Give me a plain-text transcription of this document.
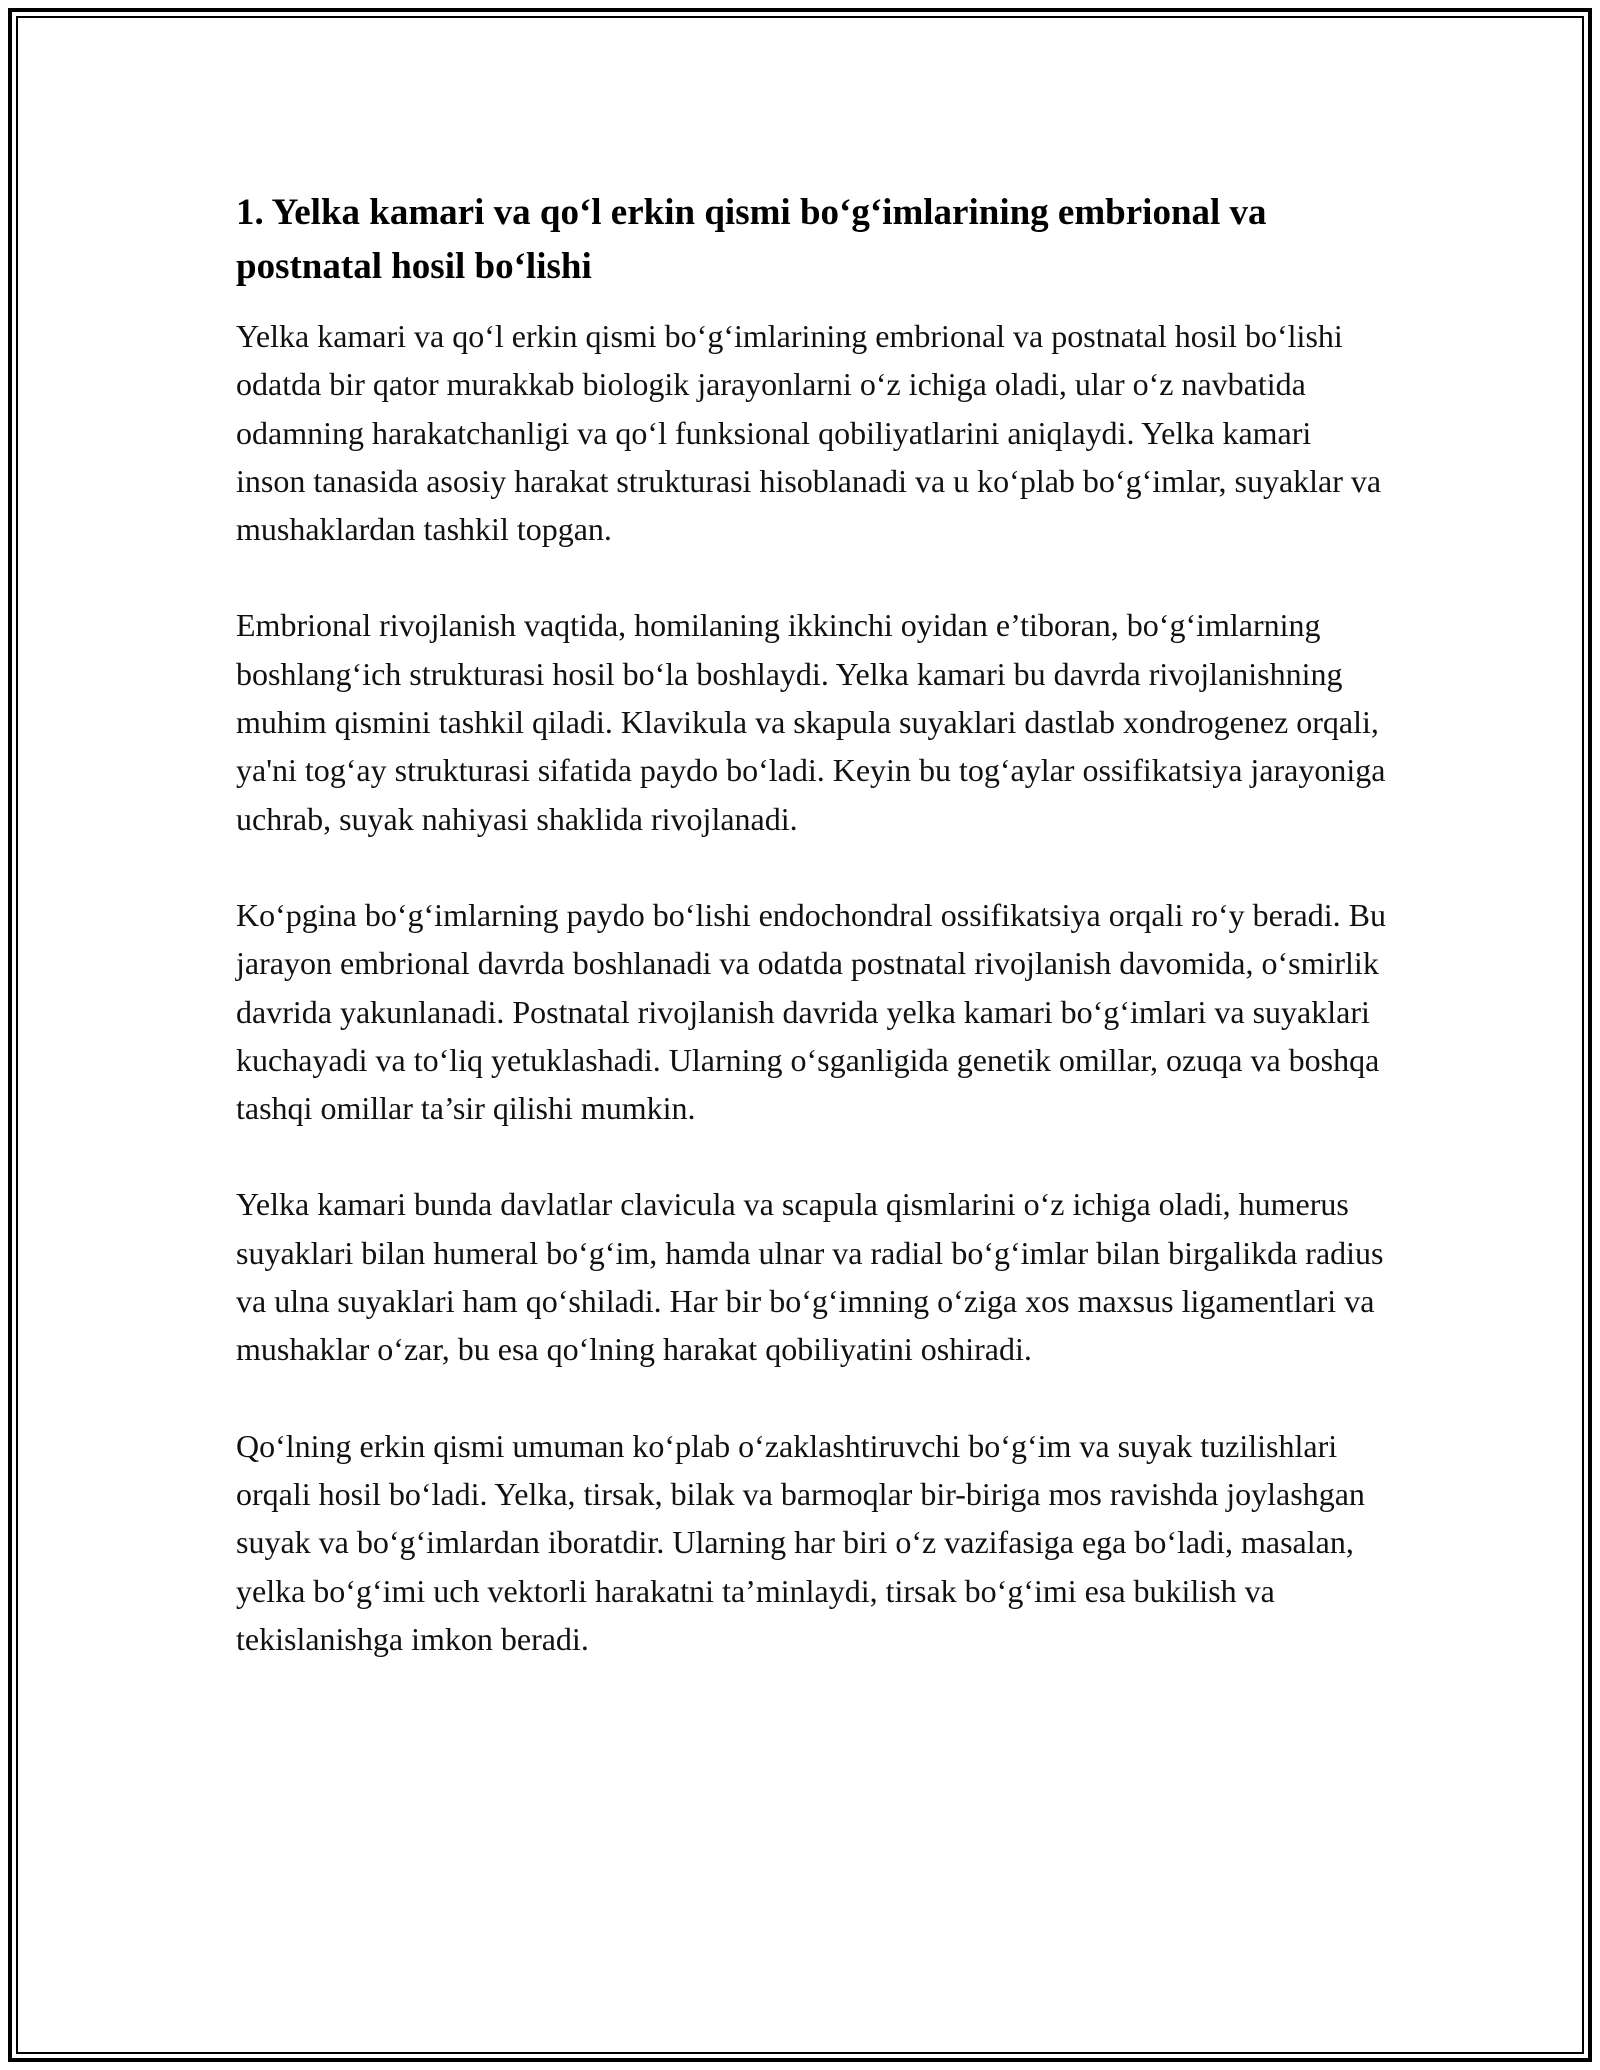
1. Yelka kamari va qo‘l erkin qismi bo‘g‘imlarining embrional va postnatal hosil bo‘lishi

Yelka kamari va qo‘l erkin qismi bo‘g‘imlarining embrional va postnatal hosil bo‘lishi odatda bir qator murakkab biologik jarayonlarni o‘z ichiga oladi, ular o‘z navbatida odamning harakatchanligi va qo‘l funksional qobiliyatlarini aniqlaydi. Yelka kamari inson tanasida asosiy harakat strukturasi hisoblanadi va u ko‘plab bo‘g‘imlar, suyaklar va mushaklardan tashkil topgan.

Embrional rivojlanish vaqtida, homilaning ikkinchi oyidan e’tiboran, bo‘g‘imlarning boshlang‘ich strukturasi hosil bo‘la boshlaydi. Yelka kamari bu davrda rivojlanishning muhim qismini tashkil qiladi. Klavikula va skapula suyaklari dastlab xondrogenez orqali, ya'ni tog‘ay strukturasi sifatida paydo bo‘ladi. Keyin bu tog‘aylar ossifikatsiya jarayoniga uchrab, suyak nahiyasi shaklida rivojlanadi.

Ko‘pgina bo‘g‘imlarning paydo bo‘lishi endochondral ossifikatsiya orqali ro‘y beradi. Bu jarayon embrional davrda boshlanadi va odatda postnatal rivojlanish davomida, o‘smirlik davrida yakunlanadi. Postnatal rivojlanish davrida yelka kamari bo‘g‘imlari va suyaklari kuchayadi va to‘liq yetuklashadi. Ularning o‘sganligida genetik omillar, ozuqa va boshqa tashqi omillar ta’sir qilishi mumkin.

Yelka kamari bunda davlatlar clavicula va scapula qismlarini o‘z ichiga oladi, humerus suyaklari bilan humeral bo‘g‘im, hamda ulnar va radial bo‘g‘imlar bilan birgalikda radius va ulna suyaklari ham qo‘shiladi. Har bir bo‘g‘imning o‘ziga xos maxsus ligamentlari va mushaklar o‘zar, bu esa qo‘lning harakat qobiliyatini oshiradi.

Qo‘lning erkin qismi umuman ko‘plab o‘zaklashtiruvchi bo‘g‘im va suyak tuzilishlari orqali hosil bo‘ladi. Yelka, tirsak, bilak va barmoqlar bir-biriga mos ravishda joylashgan suyak va bo‘g‘imlardan iboratdir. Ularning har biri o‘z vazifasiga ega bo‘ladi, masalan, yelka bo‘g‘imi uch vektorli harakatni ta’minlaydi, tirsak bo‘g‘imi esa bukilish va tekislanishga imkon beradi.
